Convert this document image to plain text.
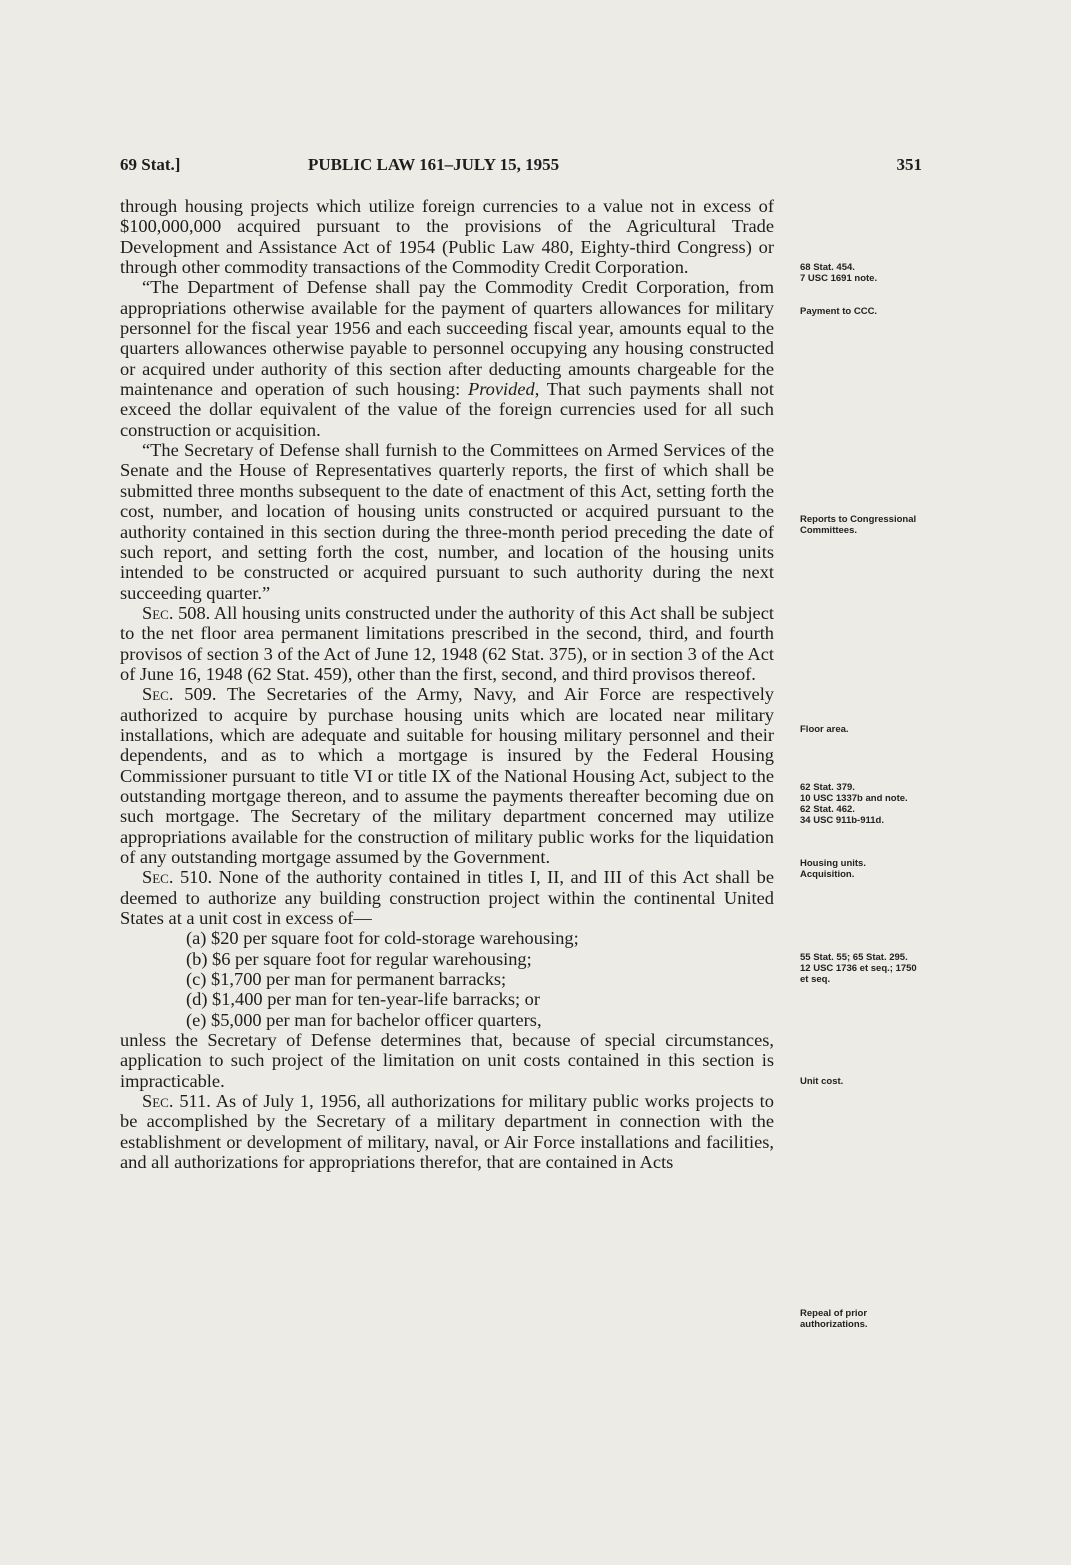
69 Stat.]	PUBLIC LAW 161–JULY 15, 1955	351

through housing projects which utilize foreign currencies to a value not in excess of $100,000,000 acquired pursuant to the provisions of the Agricultural Trade Development and Assistance Act of 1954 (Public Law 480, Eighty-third Congress) or through other commodity transactions of the Commodity Credit Corporation.

“The Department of Defense shall pay the Commodity Credit Corporation, from appropriations otherwise available for the payment of quarters allowances for military personnel for the fiscal year 1956 and each succeeding fiscal year, amounts equal to the quarters allowances otherwise payable to personnel occupying any housing constructed or acquired under authority of this section after deducting amounts chargeable for the maintenance and operation of such housing: Provided, That such payments shall not exceed the dollar equivalent of the value of the foreign currencies used for all such construction or acquisition.

“The Secretary of Defense shall furnish to the Committees on Armed Services of the Senate and the House of Representatives quarterly reports, the first of which shall be submitted three months subsequent to the date of enactment of this Act, setting forth the cost, number, and location of housing units constructed or acquired pursuant to the authority contained in this section during the three-month period preceding the date of such report, and setting forth the cost, number, and location of the housing units intended to be constructed or acquired pursuant to such authority during the next succeeding quarter.”

Sec. 508. All housing units constructed under the authority of this Act shall be subject to the net floor area permanent limitations prescribed in the second, third, and fourth provisos of section 3 of the Act of June 12, 1948 (62 Stat. 375), or in section 3 of the Act of June 16, 1948 (62 Stat. 459), other than the first, second, and third provisos thereof.

Sec. 509. The Secretaries of the Army, Navy, and Air Force are respectively authorized to acquire by purchase housing units which are located near military installations, which are adequate and suitable for housing military personnel and their dependents, and as to which a mortgage is insured by the Federal Housing Commissioner pursuant to title VI or title IX of the National Housing Act, subject to the outstanding mortgage thereon, and to assume the payments thereafter becoming due on such mortgage. The Secretary of the military department concerned may utilize appropriations available for the construction of military public works for the liquidation of any outstanding mortgage assumed by the Government.

Sec. 510. None of the authority contained in titles I, II, and III of this Act shall be deemed to authorize any building construction project within the continental United States at a unit cost in excess of—

(a) $20 per square foot for cold-storage warehousing;

(b) $6 per square foot for regular warehousing;

(c) $1,700 per man for permanent barracks;

(d) $1,400 per man for ten-year-life barracks; or

(e) $5,000 per man for bachelor officer quarters,

unless the Secretary of Defense determines that, because of special circumstances, application to such project of the limitation on unit costs contained in this section is impracticable.

Sec. 511. As of July 1, 1956, all authorizations for military public works projects to be accomplished by the Secretary of a military department in connection with the establishment or development of military, naval, or Air Force installations and facilities, and all authorizations for appropriations therefor, that are contained in Acts

68 Stat. 454.
7 USC 1691 note.
Payment to CCC.
Reports to Congressional Committees.
Floor area.
62 Stat. 379.
10 USC 1337b and note.
62 Stat. 462.
34 USC 911b-911d.
Housing units.
Acquisition.
55 Stat. 55; 65 Stat. 295.
12 USC 1736 et seq.; 1750 et seq.
Unit cost.
Repeal of prior authorizations.
